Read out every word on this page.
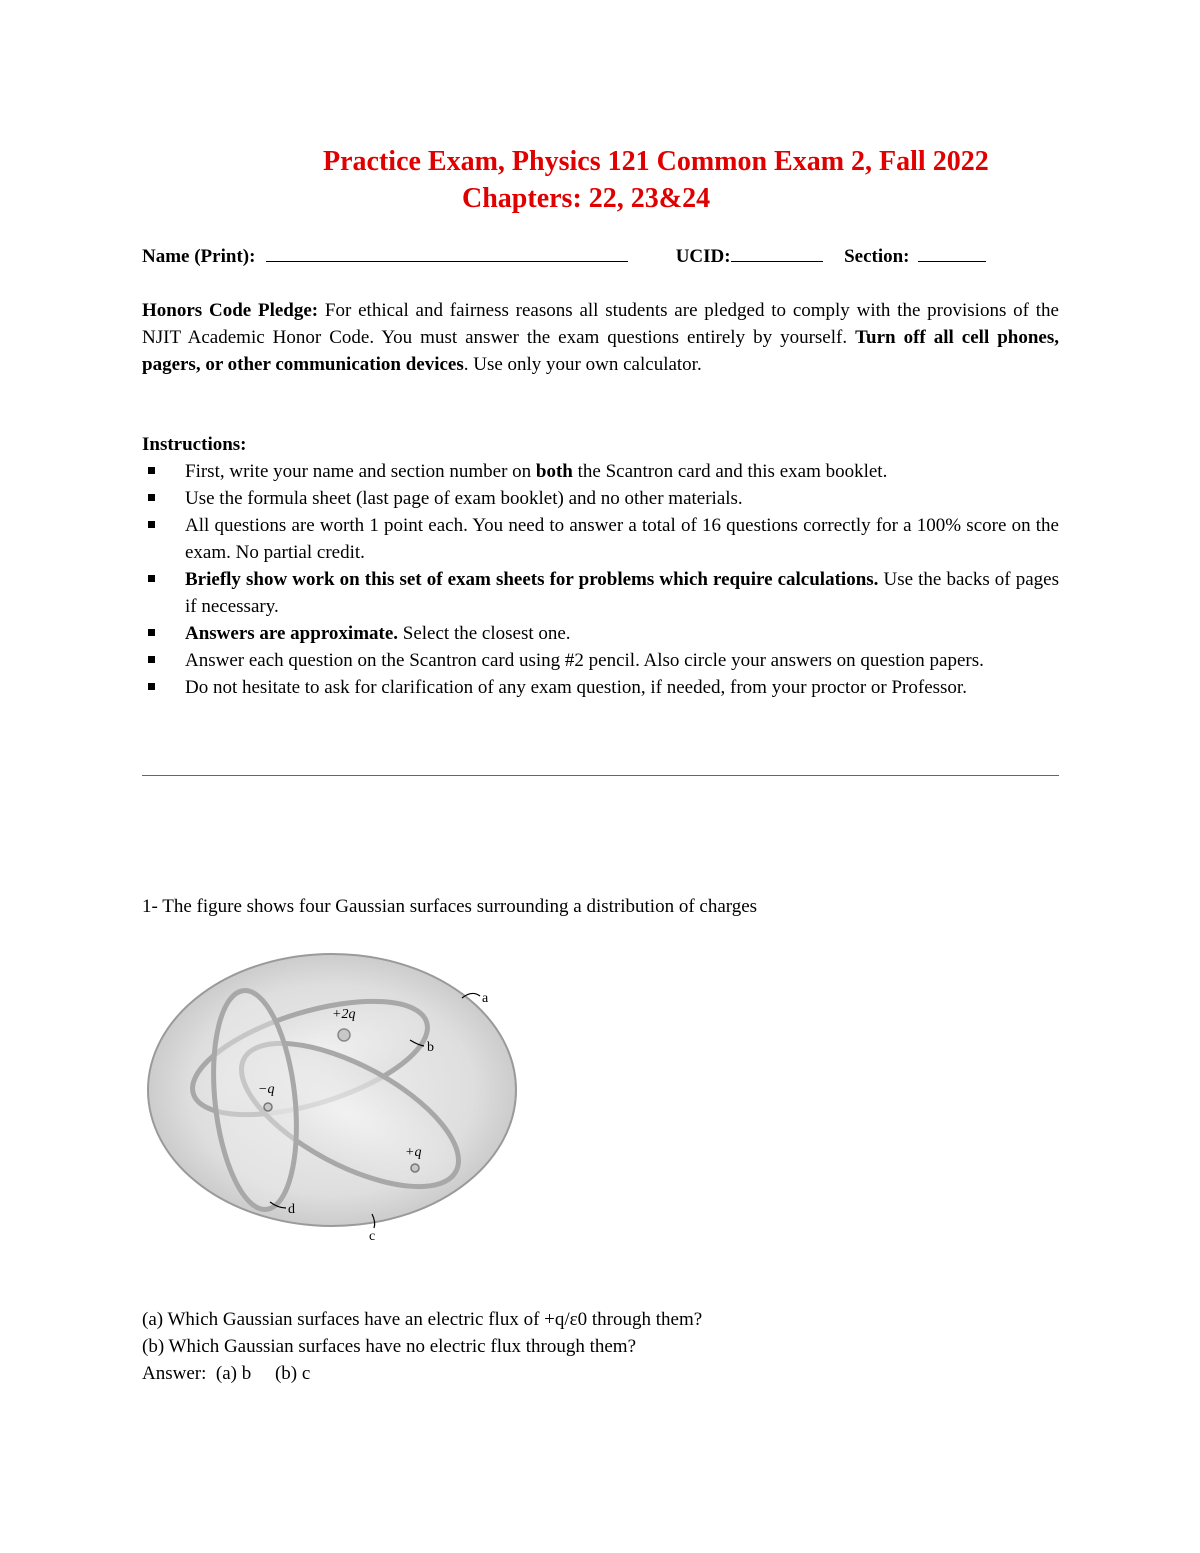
Practice Exam, Physics 121 Common Exam 2, Fall 2022
Chapters: 22, 23&24
Name (Print):	UCID:	Section:
Honors Code Pledge: For ethical and fairness reasons all students are pledged to comply with the provisions of the NJIT Academic Honor Code. You must answer the exam questions entirely by yourself. Turn off all cell phones, pagers, or other communication devices. Use only your own calculator.
Instructions:
First, write your name and section number on both the Scantron card and this exam booklet.
Use the formula sheet (last page of exam booklet) and no other materials.
All questions are worth 1 point each. You need to answer a total of 16 questions correctly for a 100% score on the exam. No partial credit.
Briefly show work on this set of exam sheets for problems which require calculations. Use the backs of pages if necessary.
Answers are approximate. Select the closest one.
Answer each question on the Scantron card using #2 pencil. Also circle your answers on question papers.
Do not hesitate to ask for clarification of any exam question, if needed, from your proctor or Professor.
1- The figure shows four Gaussian surfaces surrounding a distribution of charges
+2q
−q
+q
a
b
c
d
(a) Which Gaussian surfaces have an electric flux of +q/ε0 through them?
(b) Which Gaussian surfaces have no electric flux through them?
Answer:  (a) b     (b) c
